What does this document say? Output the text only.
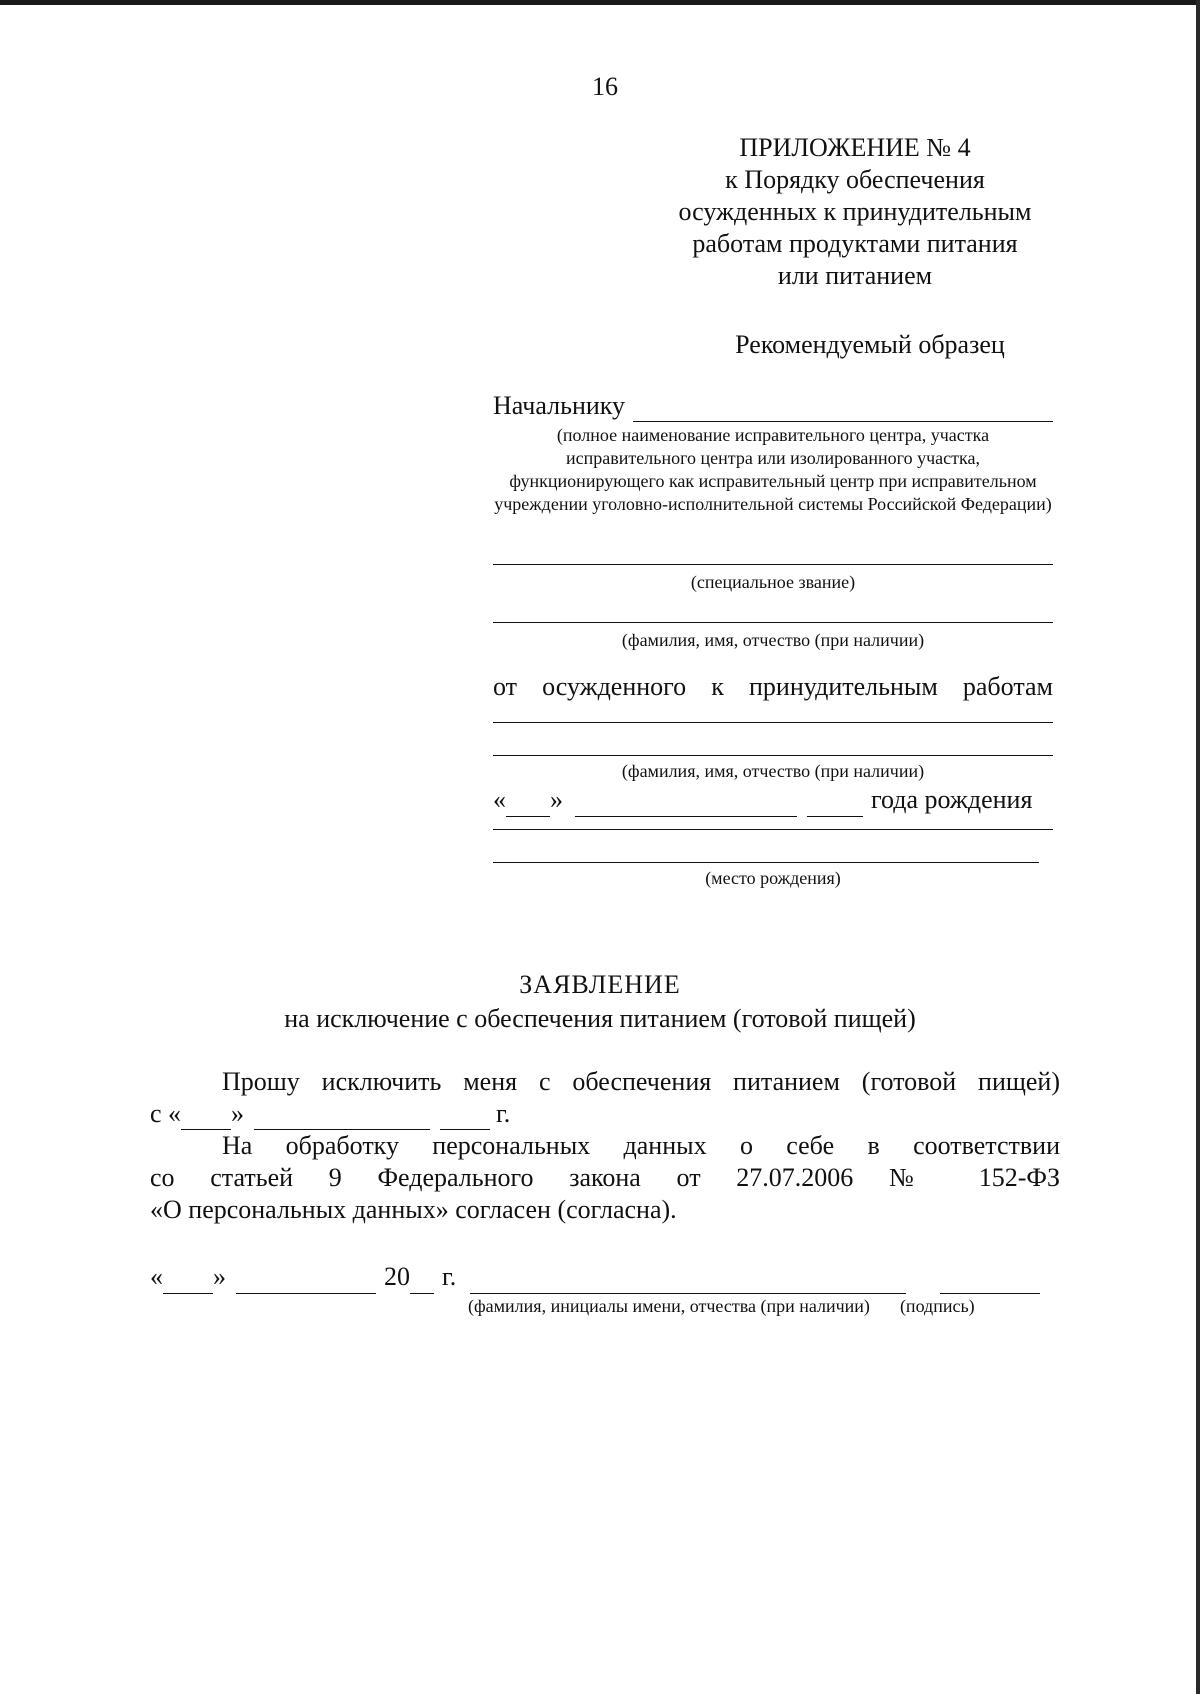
16
ПРИЛОЖЕНИЕ № 4
к Порядку обеспечения
осужденных к принудительным
работам продуктами питания
или питанием
Рекомендуемый образец
Начальнику
(полное наименование исправительного центра, участка исправительного центра или изолированного участка, функционирующего как исправительный центр при исправительном учреждении уголовно-исполнительной системы Российской Федерации)
(специальное звание)
(фамилия, имя, отчество (при наличии)
от осужденного к принудительным работам
(фамилия, имя, отчество (при наличии)
« »	года рождения
(место рождения)
ЗАЯВЛЕНИЕ
на исключение с обеспечения питанием (готовой пищей)
Прошу исключить меня с обеспечения питанием (готовой пищей)
с « »	г.
На обработку персональных данных о себе в соответствии
со статьей 9 Федерального закона от 27.07.2006 № 152-ФЗ
«О персональных данных» согласен (согласна).
« »	20 г.
(фамилия, инициалы имени, отчества (при наличии) (подпись)
